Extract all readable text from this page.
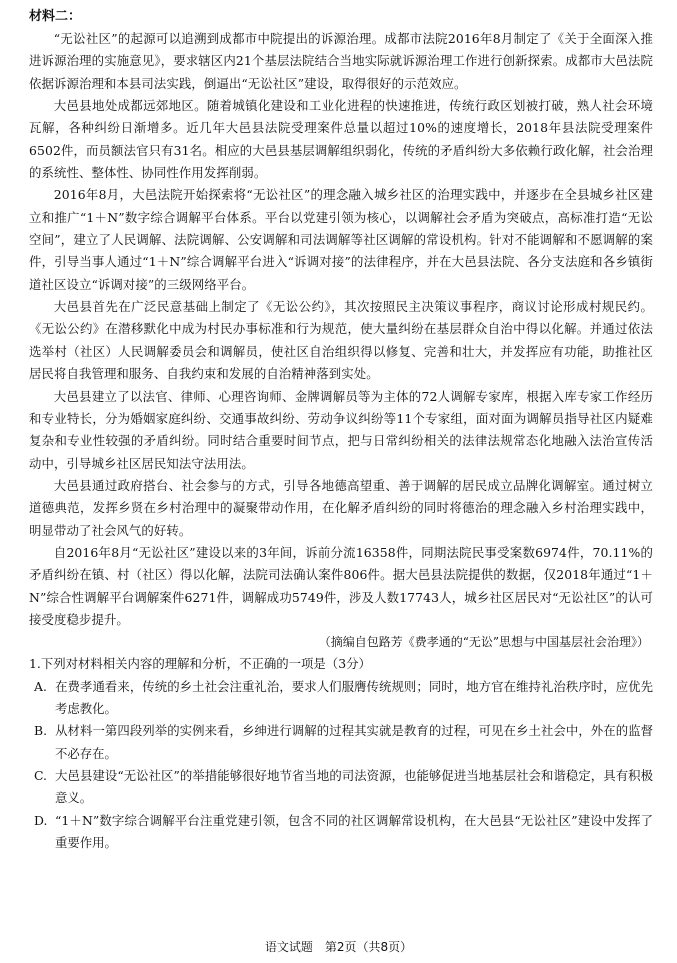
材料二：

“无讼社区”的起源可以追溯到成都市中院提出的诉源治理。成都市法院2016年8月制定了《关于全面深入推进诉源治理的实施意见》，要求辖区内21个基层法院结合当地实际就诉源治理工作进行创新探索。成都市大邑法院依据诉源治理和本县司法实践，倒逼出“无讼社区”建设，取得很好的示范效应。

大邑县地处成都远郊地区。随着城镇化建设和工业化进程的快速推进，传统行政区划被打破，熟人社会环境瓦解，各种纠纷日渐增多。近几年大邑县法院受理案件总量以超过10%的速度增长，2018年县法院受理案件6502件，而员额法官只有31名。相应的大邑县基层调解组织弱化，传统的矛盾纠纷大多依赖行政化解，社会治理的系统性、整体性、协同性作用发挥削弱。

2016年8月，大邑法院开始探索将“无讼社区”的理念融入城乡社区的治理实践中，并逐步在全县城乡社区建立和推广“1＋N”数字综合调解平台体系。平台以党建引领为核心，以调解社会矛盾为突破点，高标准打造“无讼空间”，建立了人民调解、法院调解、公安调解和司法调解等社区调解的常设机构。针对不能调解和不愿调解的案件，引导当事人通过“1＋N”综合调解平台进入“诉调对接”的法律程序，并在大邑县法院、各分支法庭和各乡镇街道社区设立“诉调对接”的三级网络平台。

大邑县首先在广泛民意基础上制定了《无讼公约》，其次按照民主决策议事程序，商议讨论形成村规民约。《无讼公约》在潜移默化中成为村民办事标准和行为规范，使大量纠纷在基层群众自治中得以化解。并通过依法选举村（社区）人民调解委员会和调解员，使社区自治组织得以修复、完善和壮大，并发挥应有功能，助推社区居民将自我管理和服务、自我约束和发展的自治精神落到实处。

大邑县建立了以法官、律师、心理咨询师、金牌调解员等为主体的72人调解专家库，根据入库专家工作经历和专业特长，分为婚姻家庭纠纷、交通事故纠纷、劳动争议纠纷等11个专家组，面对面为调解员指导社区内疑难复杂和专业性较强的矛盾纠纷。同时结合重要时间节点，把与日常纠纷相关的法律法规常态化地融入法治宣传活动中，引导城乡社区居民知法守法用法。

大邑县通过政府搭台、社会参与的方式，引导各地德高望重、善于调解的居民成立品牌化调解室。通过树立道德典范，发挥乡贤在乡村治理中的凝聚带动作用，在化解矛盾纠纷的同时将德治的理念融入乡村治理实践中，明显带动了社会风气的好转。

自2016年8月“无讼社区”建设以来的3年间，诉前分流16358件，同期法院民事受案数6974件，70.11%的矛盾纠纷在镇、村（社区）得以化解，法院司法确认案件806件。据大邑县法院提供的数据，仅2018年通过“1＋N”综合性调解平台调解案件6271件，调解成功5749件，涉及人数17743人，城乡社区居民对“无讼社区”的认可接受度稳步提升。

（摘编自包路芳《费孝通的“无讼”思想与中国基层社会治理》）

1.下列对材料相关内容的理解和分析，不正确的一项是（3分）

A. 在费孝通看来，传统的乡土社会注重礼治，要求人们服膺传统规则；同时，地方官在维持礼治秩序时，应优先考虑教化。

B. 从材料一第四段列举的实例来看，乡绅进行调解的过程其实就是教育的过程，可见在乡土社会中，外在的监督不必存在。

C. 大邑县建设“无讼社区”的举措能够很好地节省当地的司法资源，也能够促进当地基层社会和谐稳定，具有积极意义。

D. “1＋N”数字综合调解平台注重党建引领，包含不同的社区调解常设机构，在大邑县“无讼社区”建设中发挥了重要作用。

语文试题　第2页（共8页）
